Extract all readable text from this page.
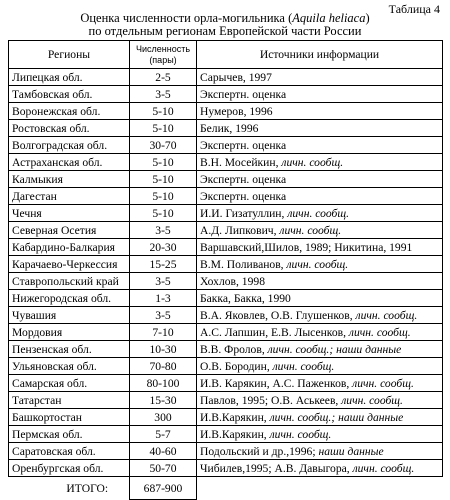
Таблица 4
Оценка численности орла-могильника (Aquila heliaca)
по отдельным регионам Европейской части России
Регионы	Численность (пары)	Источники информации
Липецкая обл.	2-5	Сарычев, 1997
Тамбовская обл.	3-5	Экспертн. оценка
Воронежская обл.	5-10	Нумеров, 1996
Ростовская обл.	5-10	Белик, 1996
Волгоградская обл.	30-70	Экспертн. оценка
Астраханская обл.	5-10	В.Н. Мосейкин, личн. сообщ.
Калмыкия	5-10	Экспертн. оценка
Дагестан	5-10	Экспертн. оценка
Чечня	5-10	И.И. Гизатуллин, личн. сообщ.
Северная Осетия	3-5	А.Д. Липкович, личн. сообщ.
Кабардино-Балкария	20-30	Варшавский,Шилов, 1989; Никитина, 1991
Карачаево-Черкессия	15-25	В.М. Поливанов, личн. сообщ.
Ставропольский край	3-5	Хохлов, 1998
Нижегородская обл.	1-3	Бакка, Бакка, 1990
Чувашия	3-5	В.А. Яковлев, О.В. Глушенков, личн. сообщ.
Мордовия	7-10	А.С. Лапшин, Е.В. Лысенков, личн. сообщ.
Пензенская обл.	10-30	В.В. Фролов, личн. сообщ.; наши данные
Ульяновская обл.	70-80	О.В. Бородин, личн. сообщ.
Самарская обл.	80-100	И.В. Карякин, А.С. Паженков, личн. сообщ.
Татарстан	15-30	Павлов, 1995; О.В. Аськеев, личн. сообщ.
Башкортостан	300	И.В.Карякин, личн. сообщ.; наши данные
Пермская обл.	5-7	И.В.Карякин, личн. сообщ.
Саратовская обл.	40-60	Подольский и др.,1996; наши данные
Оренбургская обл.	50-70	Чибилев,1995; А.В. Давыгора, личн. сообщ.
ИТОГО:	687-900	
